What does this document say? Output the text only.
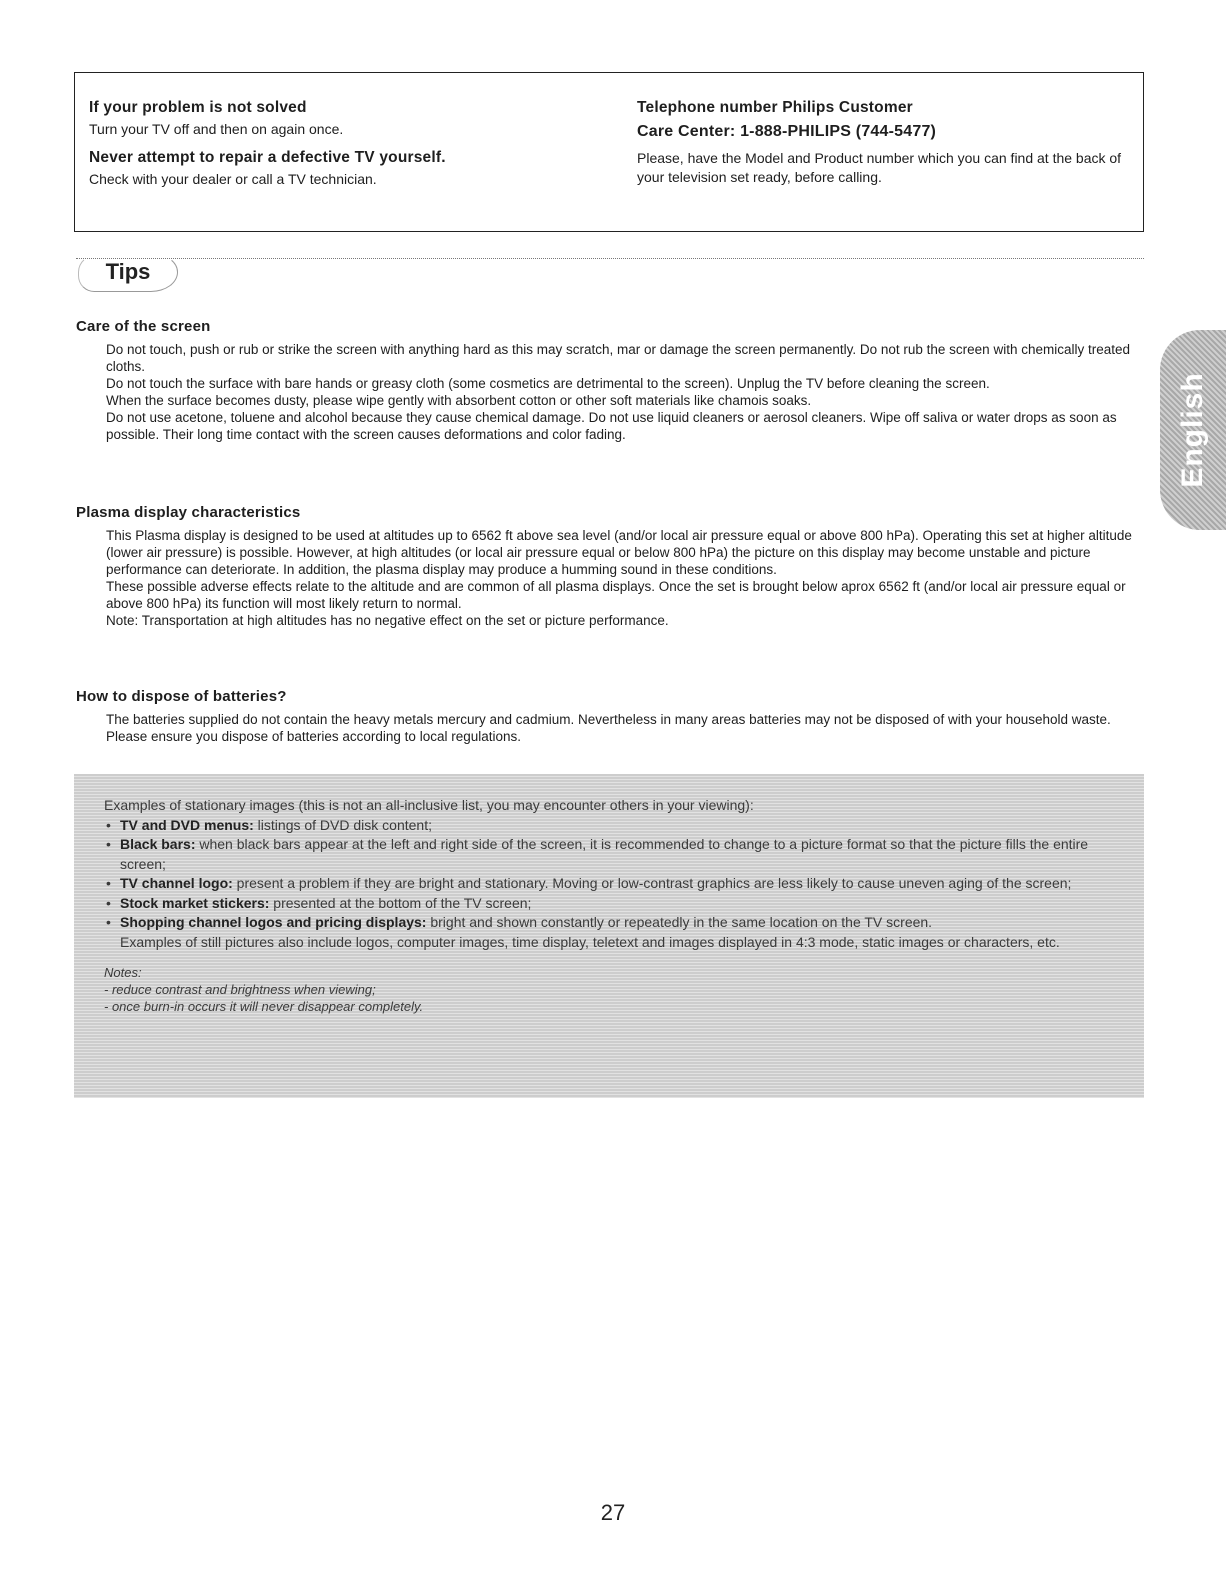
If your problem is not solved

Turn your TV off and then on again once.

Never attempt to repair a defective TV yourself.

Check with your dealer or call a TV technician.

Telephone number Philips Customer

Care Center: 1-888-PHILIPS (744-5477)

Please, have the Model and Product number which you can find at the back of your television set ready, before calling.

Tips
English

Care of the screen

Do not touch, push or rub or strike the screen with anything hard as this may scratch, mar or damage the screen permanently. Do not rub the screen with chemically treated cloths.

Do not touch the surface with bare hands or greasy cloth (some cosmetics are detrimental to the screen). Unplug the TV before cleaning the screen.

When the surface becomes dusty, please wipe gently with absorbent cotton or other soft materials like chamois soaks.

Do not use acetone, toluene and alcohol because they cause chemical damage. Do not use liquid cleaners or aerosol cleaners. Wipe off saliva or water drops as soon as possible. Their long time contact with the screen causes deformations and color fading.

Plasma display characteristics

This Plasma display is designed to be used at altitudes up to 6562 ft above sea level (and/or local air pressure equal or above 800 hPa). Operating this set at higher altitude (lower air pressure) is possible. However, at high altitudes (or local air pressure equal or below 800 hPa) the picture on this display may become unstable and picture performance can deteriorate. In addition, the plasma display may produce a humming sound in these conditions.

These possible adverse effects relate to the altitude and are common of all plasma displays. Once the set is brought below aprox 6562 ft (and/or local air pressure equal or above 800 hPa) its function will most likely return to normal.

Note: Transportation at high altitudes has no negative effect on the set or picture performance.

How to dispose of batteries?

The batteries supplied do not contain the heavy metals mercury and cadmium. Nevertheless in many areas batteries may not be disposed of with your household waste. Please ensure you dispose of batteries according to local regulations.

Examples of stationary images (this is not an all-inclusive list, you may encounter others in your viewing):

• TV and DVD menus: listings of DVD disk content;
• Black bars: when black bars appear at the left and right side of the screen, it is recommended to change to a picture format so that the picture fills the entire screen;
• TV channel logo: present a problem if they are bright and stationary. Moving or low-contrast graphics are less likely to cause uneven aging of the screen;
• Stock market stickers: presented at the bottom of the TV screen;
• Shopping channel logos and pricing displays: bright and shown constantly or repeatedly in the same location on the TV screen.

Examples of still pictures also include logos, computer images, time display, teletext and images displayed in 4:3 mode, static images or characters, etc.

Notes:

- reduce contrast and brightness when viewing;

- once burn-in occurs it will never disappear completely.

27
